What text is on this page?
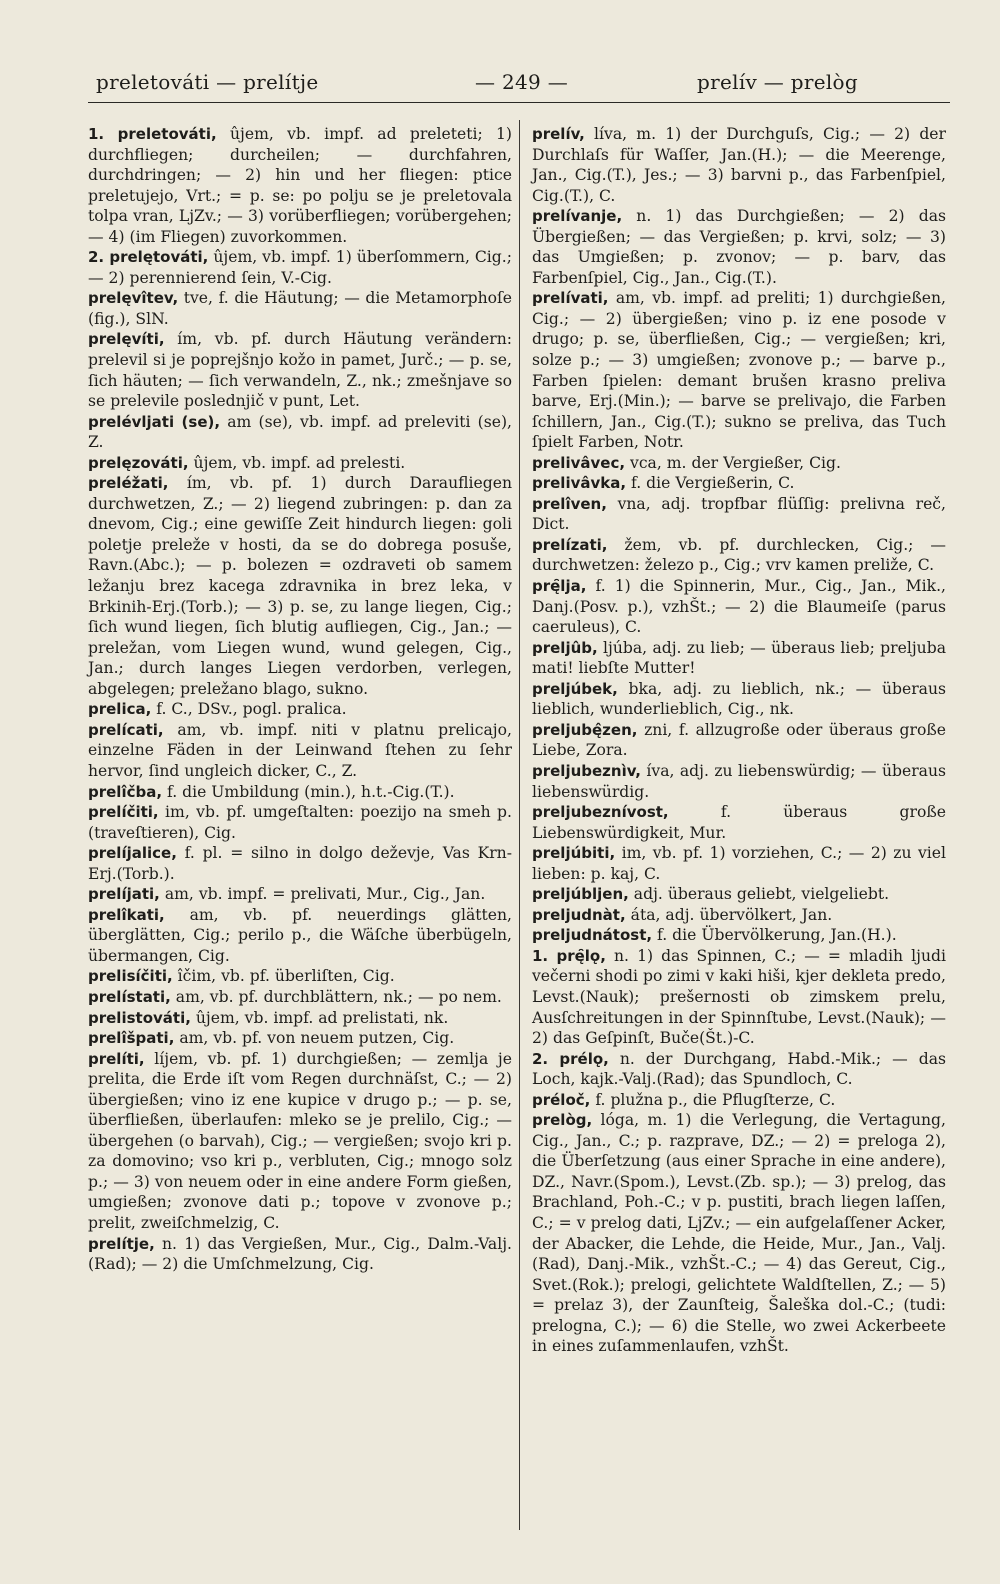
preletováti — prelítje	— 249 —	prelív — prelòg

1. preletováti, ûjem, vb. impf. ad preleteti; 1) durchfliegen; durcheilen; — durchfahren, durchdringen; — 2) hin und her fliegen: ptice preletujejo, Vrt.; = p. se: po polju se je preletovala tolpa vran, LjZv.; — 3) vorüberfliegen; vorübergehen; — 4) (im Fliegen) zuvorkommen.

2. prelętováti, ûjem, vb. impf. 1) überſommern, Cig.; — 2) perennierend ſein, V.-Cig.

prelęvîtev, tve, f. die Häutung; — die Metamorphoſe (fig.), SlN.

prelęvíti, ím, vb. pf. durch Häutung verändern: prelevil si je poprejšnjo kožo in pamet, Jurč.; — p. se, ſich häuten; — ſich verwandeln, Z., nk.; zmešnjave so se prelevile poslednjič v punt, Let.

prelévljati (se), am (se), vb. impf. ad preleviti (se), Z.

prelęzováti, ûjem, vb. impf. ad prelesti.

preléžati, ím, vb. pf. 1) durch Daraufliegen durchwetzen, Z.; — 2) liegend zubringen: p. dan za dnevom, Cig.; eine gewiſſe Zeit hindurch liegen: goli poletje preleže v hosti, da se do dobrega posuše, Ravn.(Abc.); — p. bolezen = ozdraveti ob samem ležanju brez kacega zdravnika in brez leka, v Brkinih-Erj.(Torb.); — 3) p. se, zu lange liegen, Cig.; ſich wund liegen, ſich blutig aufliegen, Cig., Jan.; — preležan, vom Liegen wund, wund gelegen, Cig., Jan.; durch langes Liegen verdorben, verlegen, abgelegen; preležano blago, sukno.

prelica, f. C., DSv., pogl. pralica.

prelícati, am, vb. impf. niti v platnu prelicajo, einzelne Fäden in der Leinwand ſtehen zu ſehr hervor, ſind ungleich dicker, C., Z.

prelîčba, f. die Umbildung (min.), h.t.-Cig.(T.).

prelíčiti, im, vb. pf. umgeſtalten: poezijo na smeh p. (traveſtieren), Cig.

prelíjalice, f. pl. = silno in dolgo deževje, Vas Krn-Erj.(Torb.).

prelíjati, am, vb. impf. = prelivati, Mur., Cig., Jan.

prelîkati, am, vb. pf. neuerdings glätten, überglätten, Cig.; perilo p., die Wäſche überbügeln, übermangen, Cig.

prelisíčiti, îčim, vb. pf. überliſten, Cig.

prelístati, am, vb. pf. durchblättern, nk.; — po nem.

prelistováti, ûjem, vb. impf. ad prelistati, nk.

prelîšpati, am, vb. pf. von neuem putzen, Cig.

prelíti, líjem, vb. pf. 1) durchgießen; — zemlja je prelita, die Erde iſt vom Regen durchnäſst, C.; — 2) übergießen; vino iz ene kupice v drugo p.; — p. se, überfließen, überlaufen: mleko se je prelilo, Cig.; — übergehen (o barvah), Cig.; — vergießen; svojo kri p. za domovino; vso kri p., verbluten, Cig.; mnogo solz p.; — 3) von neuem oder in eine andere Form gießen, umgießen; zvonove dati p.; topove v zvonove p.; prelit, zweiſchmelzig, C.

prelítje, n. 1) das Vergießen, Mur., Cig., Dalm.-Valj.(Rad); — 2) die Umſchmelzung, Cig.

prelív, líva, m. 1) der Durchguſs, Cig.; — 2) der Durchlaſs für Waſſer, Jan.(H.); — die Meerenge, Jan., Cig.(T.), Jes.; — 3) barvni p., das Farbenſpiel, Cig.(T.), C.

prelívanje, n. 1) das Durchgießen; — 2) das Übergießen; — das Vergießen; p. krvi, solz; — 3) das Umgießen; p. zvonov; — p. barv, das Farbenſpiel, Cig., Jan., Cig.(T.).

prelívati, am, vb. impf. ad preliti; 1) durchgießen, Cig.; — 2) übergießen; vino p. iz ene posode v drugo; p. se, überfließen, Cig.; — vergießen; kri, solze p.; — 3) umgießen; zvonove p.; — barve p., Farben ſpielen: demant brušen krasno preliva barve, Erj.(Min.); — barve se prelivajo, die Farben ſchillern, Jan., Cig.(T.); sukno se preliva, das Tuch ſpielt Farben, Notr.

prelivâvec, vca, m. der Vergießer, Cig.

prelivâvka, f. die Vergießerin, C.

prelîven, vna, adj. tropfbar flüſſig: prelivna reč, Dict.

prelízati, žem, vb. pf. durchlecken, Cig.; — durchwetzen: železo p., Cig.; vrv kamen preliže, C.

prę̑lja, f. 1) die Spinnerin, Mur., Cig., Jan., Mik., Danj.(Posv. p.), vzhŠt.; — 2) die Blaumeiſe (parus caeruleus), C.

preljûb, ljúba, adj. zu lieb; — überaus lieb; preljuba mati! liebſte Mutter!

preljúbek, bka, adj. zu lieblich, nk.; — überaus lieblich, wunderlieblich, Cig., nk.

preljubę̂zen, zni, f. allzugroße oder überaus große Liebe, Zora.

preljubeznìv, íva, adj. zu liebenswürdig; — überaus liebenswürdig.

preljubeznívost, f. überaus große Liebenswürdigkeit, Mur.

preljúbiti, im, vb. pf. 1) vorziehen, C.; — 2) zu viel lieben: p. kaj, C.

preljúbljen, adj. überaus geliebt, vielgeliebt.

preljudnàt, áta, adj. übervölkert, Jan.

preljudnátost, f. die Übervölkerung, Jan.(H.).

1. prę̑lǫ, n. 1) das Spinnen, C.; — = mladih ljudi večerni shodi po zimi v kaki hiši, kjer dekleta predo, Levst.(Nauk); prešernosti ob zimskem prelu, Ausſchreitungen in der Spinnſtube, Levst.(Nauk); — 2) das Geſpinſt, Buče(Št.)-C.

2. prélǫ, n. der Durchgang, Habd.-Mik.; — das Loch, kajk.-Valj.(Rad); das Spundloch, C.

préloč, f. plužna p., die Pflugſterze, C.

prelòg, lóga, m. 1) die Verlegung, die Vertagung, Cig., Jan., C.; p. razprave, DZ.; — 2) = preloga 2), die Überſetzung (aus einer Sprache in eine andere), DZ., Navr.(Spom.), Levst.(Zb. sp.); — 3) prelog, das Brachland, Poh.-C.; v p. pustiti, brach liegen laſſen, C.; = v prelog dati, LjZv.; — ein aufgelaſſener Acker, der Abacker, die Lehde, die Heide, Mur., Jan., Valj.(Rad), Danj.-Mik., vzhŠt.-C.; — 4) das Gereut, Cig., Svet.(Rok.); prelogi, gelichtete Waldſtellen, Z.; — 5) = prelaz 3), der Zaunſteig, Šaleška dol.-C.; (tudi: prelogna, C.); — 6) die Stelle, wo zwei Ackerbeete in eines zuſammenlaufen, vzhŠt.
